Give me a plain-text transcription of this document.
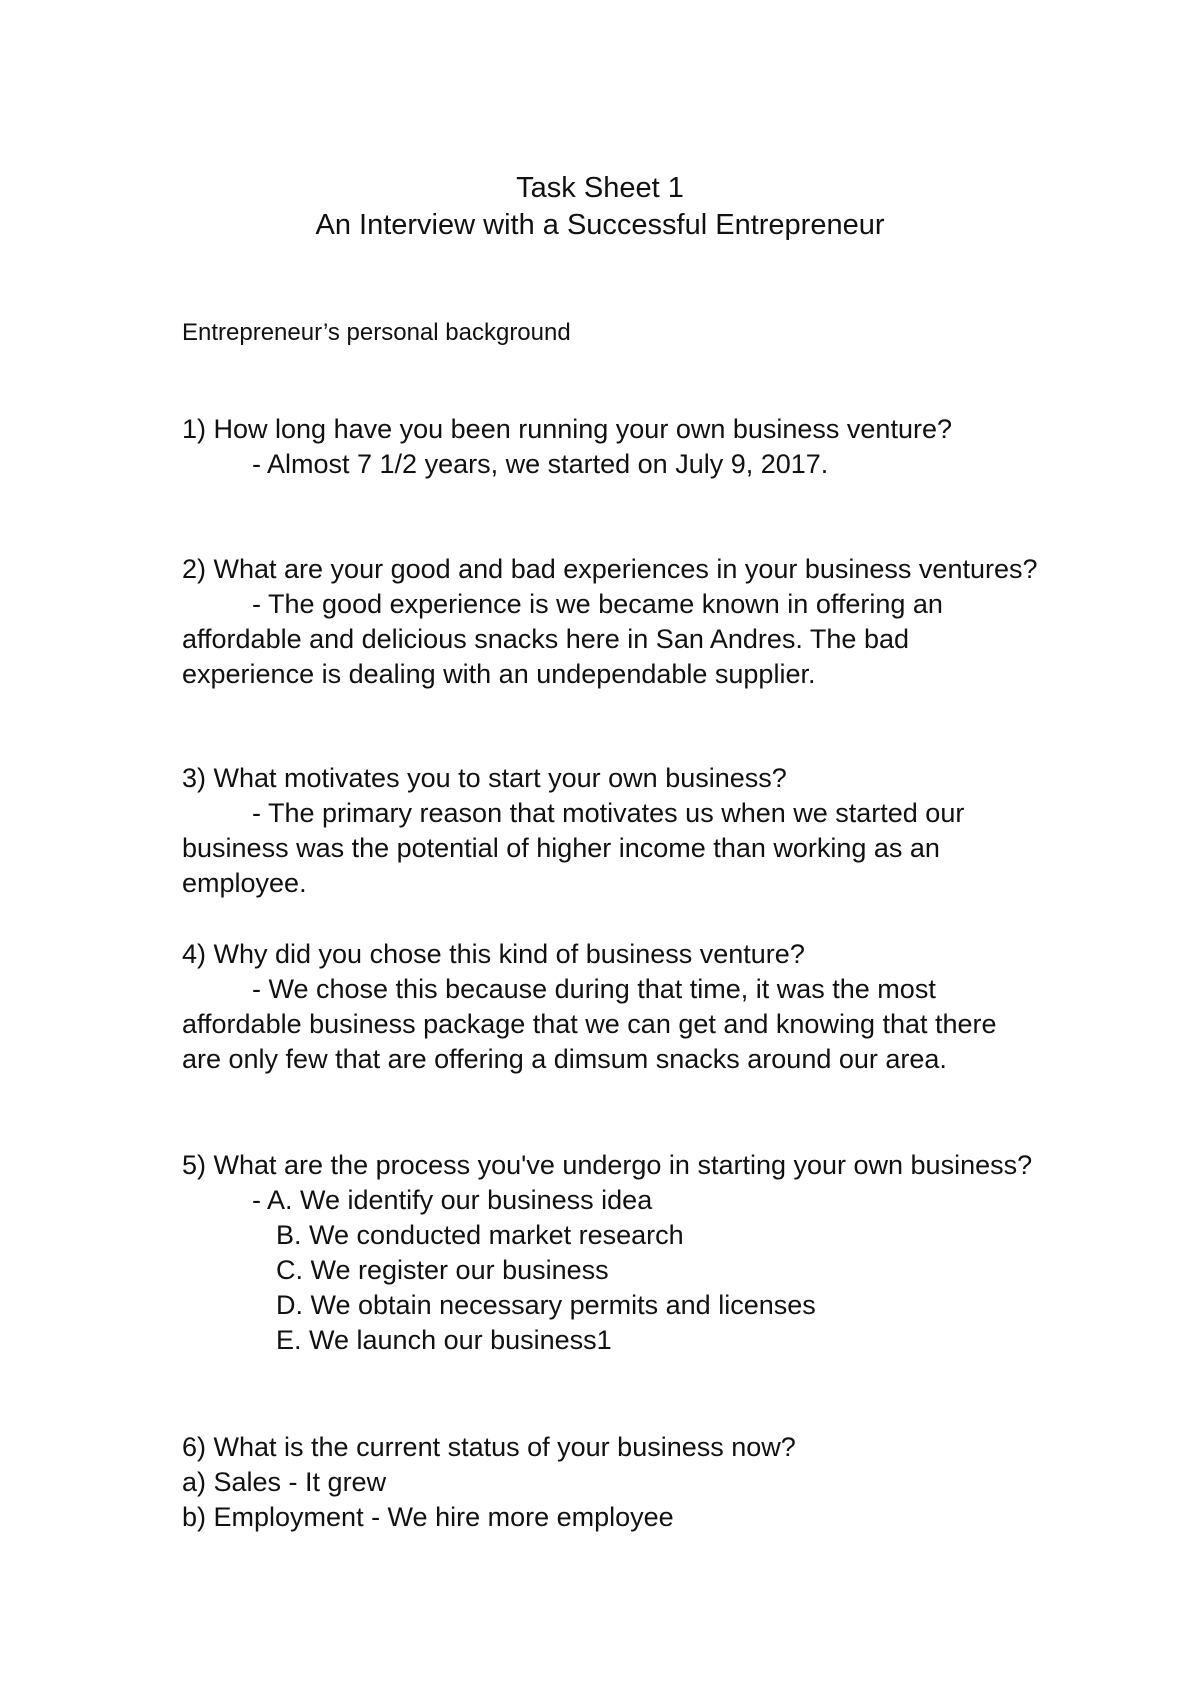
Task Sheet 1
An Interview with a Successful Entrepreneur
Entrepreneur’s personal background
1) How long have you been running your own business venture?
- Almost 7 1/2 years, we started on July 9, 2017.
2) What are your good and bad experiences in your business ventures?
- The good experience is we became known in offering an affordable and delicious snacks here in San Andres. The bad experience is dealing with an undependable supplier.
3) What motivates you to start your own business?
- The primary reason that motivates us when we started our business was the potential of higher income than working as an employee.
4) Why did you chose this kind of business venture?
- We chose this because during that time, it was the most affordable business package that we can get and knowing that there are only few that are offering a dimsum snacks around our area.
5) What are the process you've undergo in starting your own business?
- A. We identify our business idea
B. We conducted market research
C. We register our business
D. We obtain necessary permits and licenses
E. We launch our business1
6) What is the current status of your business now?
a) Sales - It grew
b) Employment - We hire more employee
